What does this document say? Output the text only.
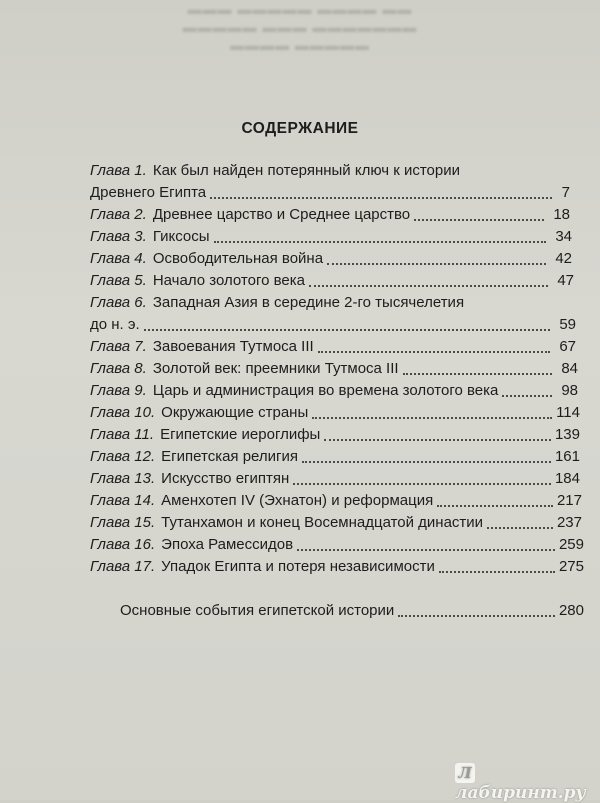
▬▬▬ ▬▬▬▬▬ ▬▬▬▬ ▬▬
▬▬▬▬▬ ▬▬▬ ▬▬▬▬▬▬▬
▬▬▬▬ ▬▬▬▬▬
СОДЕРЖАНИЕ
Глава 1. Как был найден потерянный ключ к истории
Древнего Египта	7
Глава 2. Древнее царство и Среднее царство	18
Глава 3. Гиксосы	34
Глава 4. Освободительная война	42
Глава 5. Начало золотого века	47
Глава 6. Западная Азия в середине 2-го тысячелетия
до н. э.	59
Глава 7. Завоевания Тутмоса III	67
Глава 8. Золотой век: преемники Тутмоса III	84
Глава 9. Царь и администрация во времена золотого века	98
Глава 10. Окружающие страны	114
Глава 11. Египетские иероглифы	139
Глава 12. Египетская религия	161
Глава 13. Искусство египтян	184
Глава 14. Аменхотеп IV (Эхнатон) и реформация	217
Глава 15. Тутанхамон и конец Восемнадцатой династии	237
Глава 16. Эпоха Рамессидов	259
Глава 17. Упадок Египта и потеря независимости	275
Основные события египетской истории	280
Ллабиринт.ру
